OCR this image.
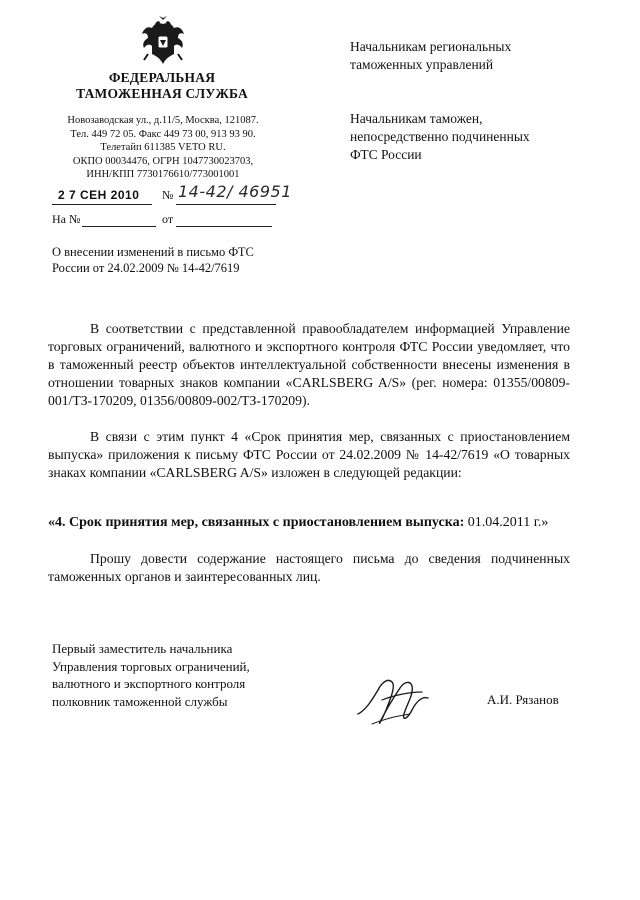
ФЕДЕРАЛЬНАЯ
ТАМОЖЕННАЯ СЛУЖБА
Новозаводская ул., д.11/5, Москва, 121087.
Тел. 449 72 05. Факс 449 73 00, 913 93 90.
Телетайп 611385 VETO RU.
ОКПО 00034476, ОГРН 1047730023703,
ИНН/КПП 7730176610/773001001
2 7 СЕН 2010 № 14-42/ 46951
На №	от
О внесении изменений в письмо ФТС
России от 24.02.2009 № 14-42/7619
Начальникам региональных
таможенных управлений
Начальникам таможен,
непосредственно подчиненных
ФТС России
В соответствии с представленной правообладателем информацией Управление торговых ограничений, валютного и экспортного контроля ФТС России уведомляет, что в таможенный реестр объектов интеллектуальной собственности внесены изменения в отношении товарных знаков компании «CARLSBERG A/S» (рег. номера: 01355/00809-001/ТЗ-170209, 01356/00809-002/ТЗ-170209).
В связи с этим пункт 4 «Срок принятия мер, связанных с приостановлением выпуска» приложения к письму ФТС России от 24.02.2009 № 14-42/7619 «О товарных знаках компании «CARLSBERG A/S» изложен в следующей редакции:
«4. Срок принятия мер, связанных с приостановлением выпуска: 01.04.2011 г.»
Прошу довести содержание настоящего письма до сведения подчиненных таможенных органов и заинтересованных лиц.
Первый заместитель начальника
Управления торговых ограничений,
валютного и экспортного контроля
полковник таможенной службы	А.И. Рязанов
